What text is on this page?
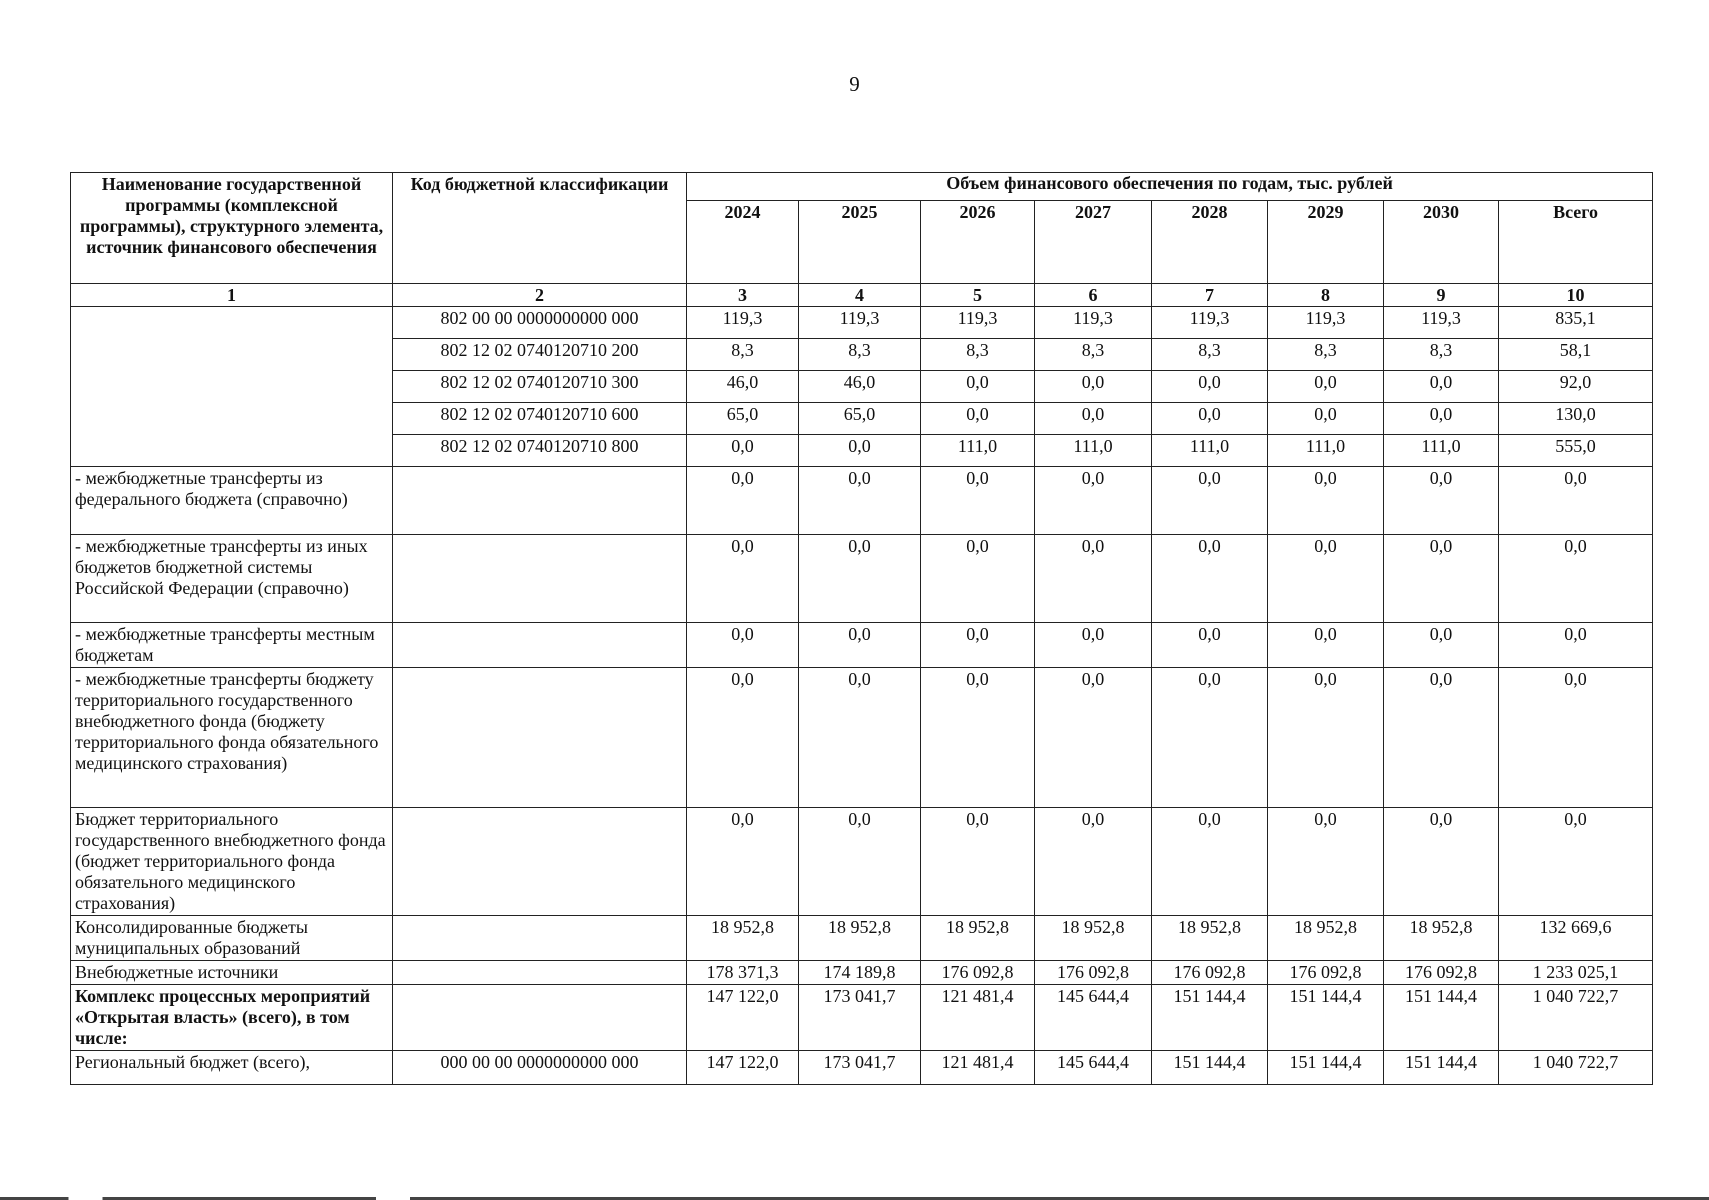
9
Наименование государственной программы (комплексной программы), структурного элемента, источник финансового обеспечения	Код бюджетной классификации	Объем финансового обеспечения по годам, тыс. рублей							
		2024	2025	2026	2027	2028	2029	2030	Всего
1	2	3	4	5	6	7	8	9	10
	802 00 00 0000000000 000	119,3	119,3	119,3	119,3	119,3	119,3	119,3	835,1
	802 12 02 0740120710 200	8,3	8,3	8,3	8,3	8,3	8,3	8,3	58,1
	802 12 02 0740120710 300	46,0	46,0	0,0	0,0	0,0	0,0	0,0	92,0
	802 12 02 0740120710 600	65,0	65,0	0,0	0,0	0,0	0,0	0,0	130,0
	802 12 02 0740120710 800	0,0	0,0	111,0	111,0	111,0	111,0	111,0	555,0
- межбюджетные трансферты из федерального бюджета (справочно)		0,0	0,0	0,0	0,0	0,0	0,0	0,0	0,0
- межбюджетные трансферты из иных бюджетов бюджетной системы Российской Федерации (справочно)		0,0	0,0	0,0	0,0	0,0	0,0	0,0	0,0
- межбюджетные трансферты местным бюджетам		0,0	0,0	0,0	0,0	0,0	0,0	0,0	0,0
- межбюджетные трансферты бюджету территориального государственного внебюджетного фонда (бюджету территориального фонда обязательного медицинского страхования)		0,0	0,0	0,0	0,0	0,0	0,0	0,0	0,0
Бюджет территориального государственного внебюджетного фонда (бюджет территориального фонда обязательного медицинского страхования)		0,0	0,0	0,0	0,0	0,0	0,0	0,0	0,0
Консолидированные бюджеты муниципальных образований		18 952,8	18 952,8	18 952,8	18 952,8	18 952,8	18 952,8	18 952,8	132 669,6
Внебюджетные источники		178 371,3	174 189,8	176 092,8	176 092,8	176 092,8	176 092,8	176 092,8	1 233 025,1
Комплекс процессных мероприятий «Открытая власть» (всего), в том числе:		147 122,0	173 041,7	121 481,4	145 644,4	151 144,4	151 144,4	151 144,4	1 040 722,7
Региональный бюджет (всего),	000 00 00 0000000000 000	147 122,0	173 041,7	121 481,4	145 644,4	151 144,4	151 144,4	151 144,4	1 040 722,7
